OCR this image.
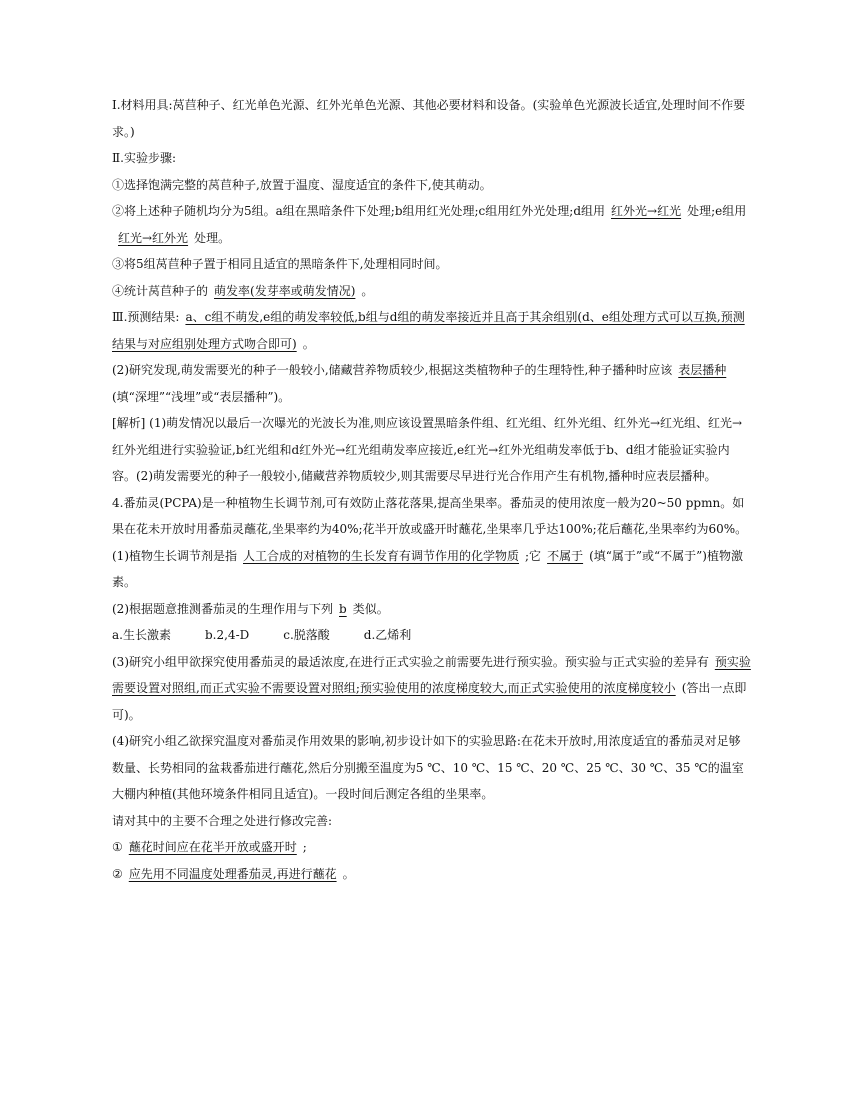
Ⅰ.材料用具:莴苣种子、红光单色光源、红外光单色光源、其他必要材料和设备。(实验单色光源波长适宜,处理时间不作要求。)

Ⅱ.实验步骤:

①选择饱满完整的莴苣种子,放置于温度、湿度适宜的条件下,使其萌动。

②将上述种子随机均分为5组。a组在黑暗条件下处理;b组用红光处理;c组用红外光处理;d组用 红外光→红光 处理;e组用红光→红外光 处理。

③将5组莴苣种子置于相同且适宜的黑暗条件下,处理相同时间。

④统计莴苣种子的 萌发率(发芽率或萌发情况) 。

Ⅲ.预测结果: a、c组不萌发,e组的萌发率较低,b组与d组的萌发率接近并且高于其余组别(d、e组处理方式可以互换,预测结果与对应组别处理方式吻合即可) 。

(2)研究发现,萌发需要光的种子一般较小,储藏营养物质较少,根据这类植物种子的生理特性,种子播种时应该 表层播种(填“深埋”“浅埋”或“表层播种”)。

[解析] (1)萌发情况以最后一次曝光的光波长为准,则应该设置黑暗条件组、红光组、红外光组、红外光→红光组、红光→红外光组进行实验验证,b红光组和d红外光→红光组萌发率应接近,e红光→红外光组萌发率低于b、d组才能验证实验内容。(2)萌发需要光的种子一般较小,储藏营养物质较少,则其需要尽早进行光合作用产生有机物,播种时应表层播种。

4.番茄灵(PCPA)是一种植物生长调节剂,可有效防止落花落果,提高坐果率。番茄灵的使用浓度一般为20~50 ppmn。如果在花未开放时用番茄灵蘸花,坐果率约为40%;花半开放或盛开时蘸花,坐果率几乎达100%;花后蘸花,坐果率约为60%。

(1)植物生长调节剂是指 人工合成的对植物的生长发育有调节作用的化学物质 ;它 不属于 (填“属于”或“不属于”)植物激素。

(2)根据题意推测番茄灵的生理作用与下列 b 类似。

a.生长激素	b.2,4-D	c.脱落酸	d.乙烯利

(3)研究小组甲欲探究使用番茄灵的最适浓度,在进行正式实验之前需要先进行预实验。预实验与正式实验的差异有 预实验需要设置对照组,而正式实验不需要设置对照组;预实验使用的浓度梯度较大,而正式实验使用的浓度梯度较小 (答出一点即可)。

(4)研究小组乙欲探究温度对番茄灵作用效果的影响,初步设计如下的实验思路:在花未开放时,用浓度适宜的番茄灵对足够数量、长势相同的盆栽番茄进行蘸花,然后分别搬至温度为5 ℃、10 ℃、15 ℃、20 ℃、25 ℃、30 ℃、35 ℃的温室大棚内种植(其他环境条件相同且适宜)。一段时间后测定各组的坐果率。

请对其中的主要不合理之处进行修改完善:

① 蘸花时间应在花半开放或盛开时 ;

② 应先用不同温度处理番茄灵,再进行蘸花 。
